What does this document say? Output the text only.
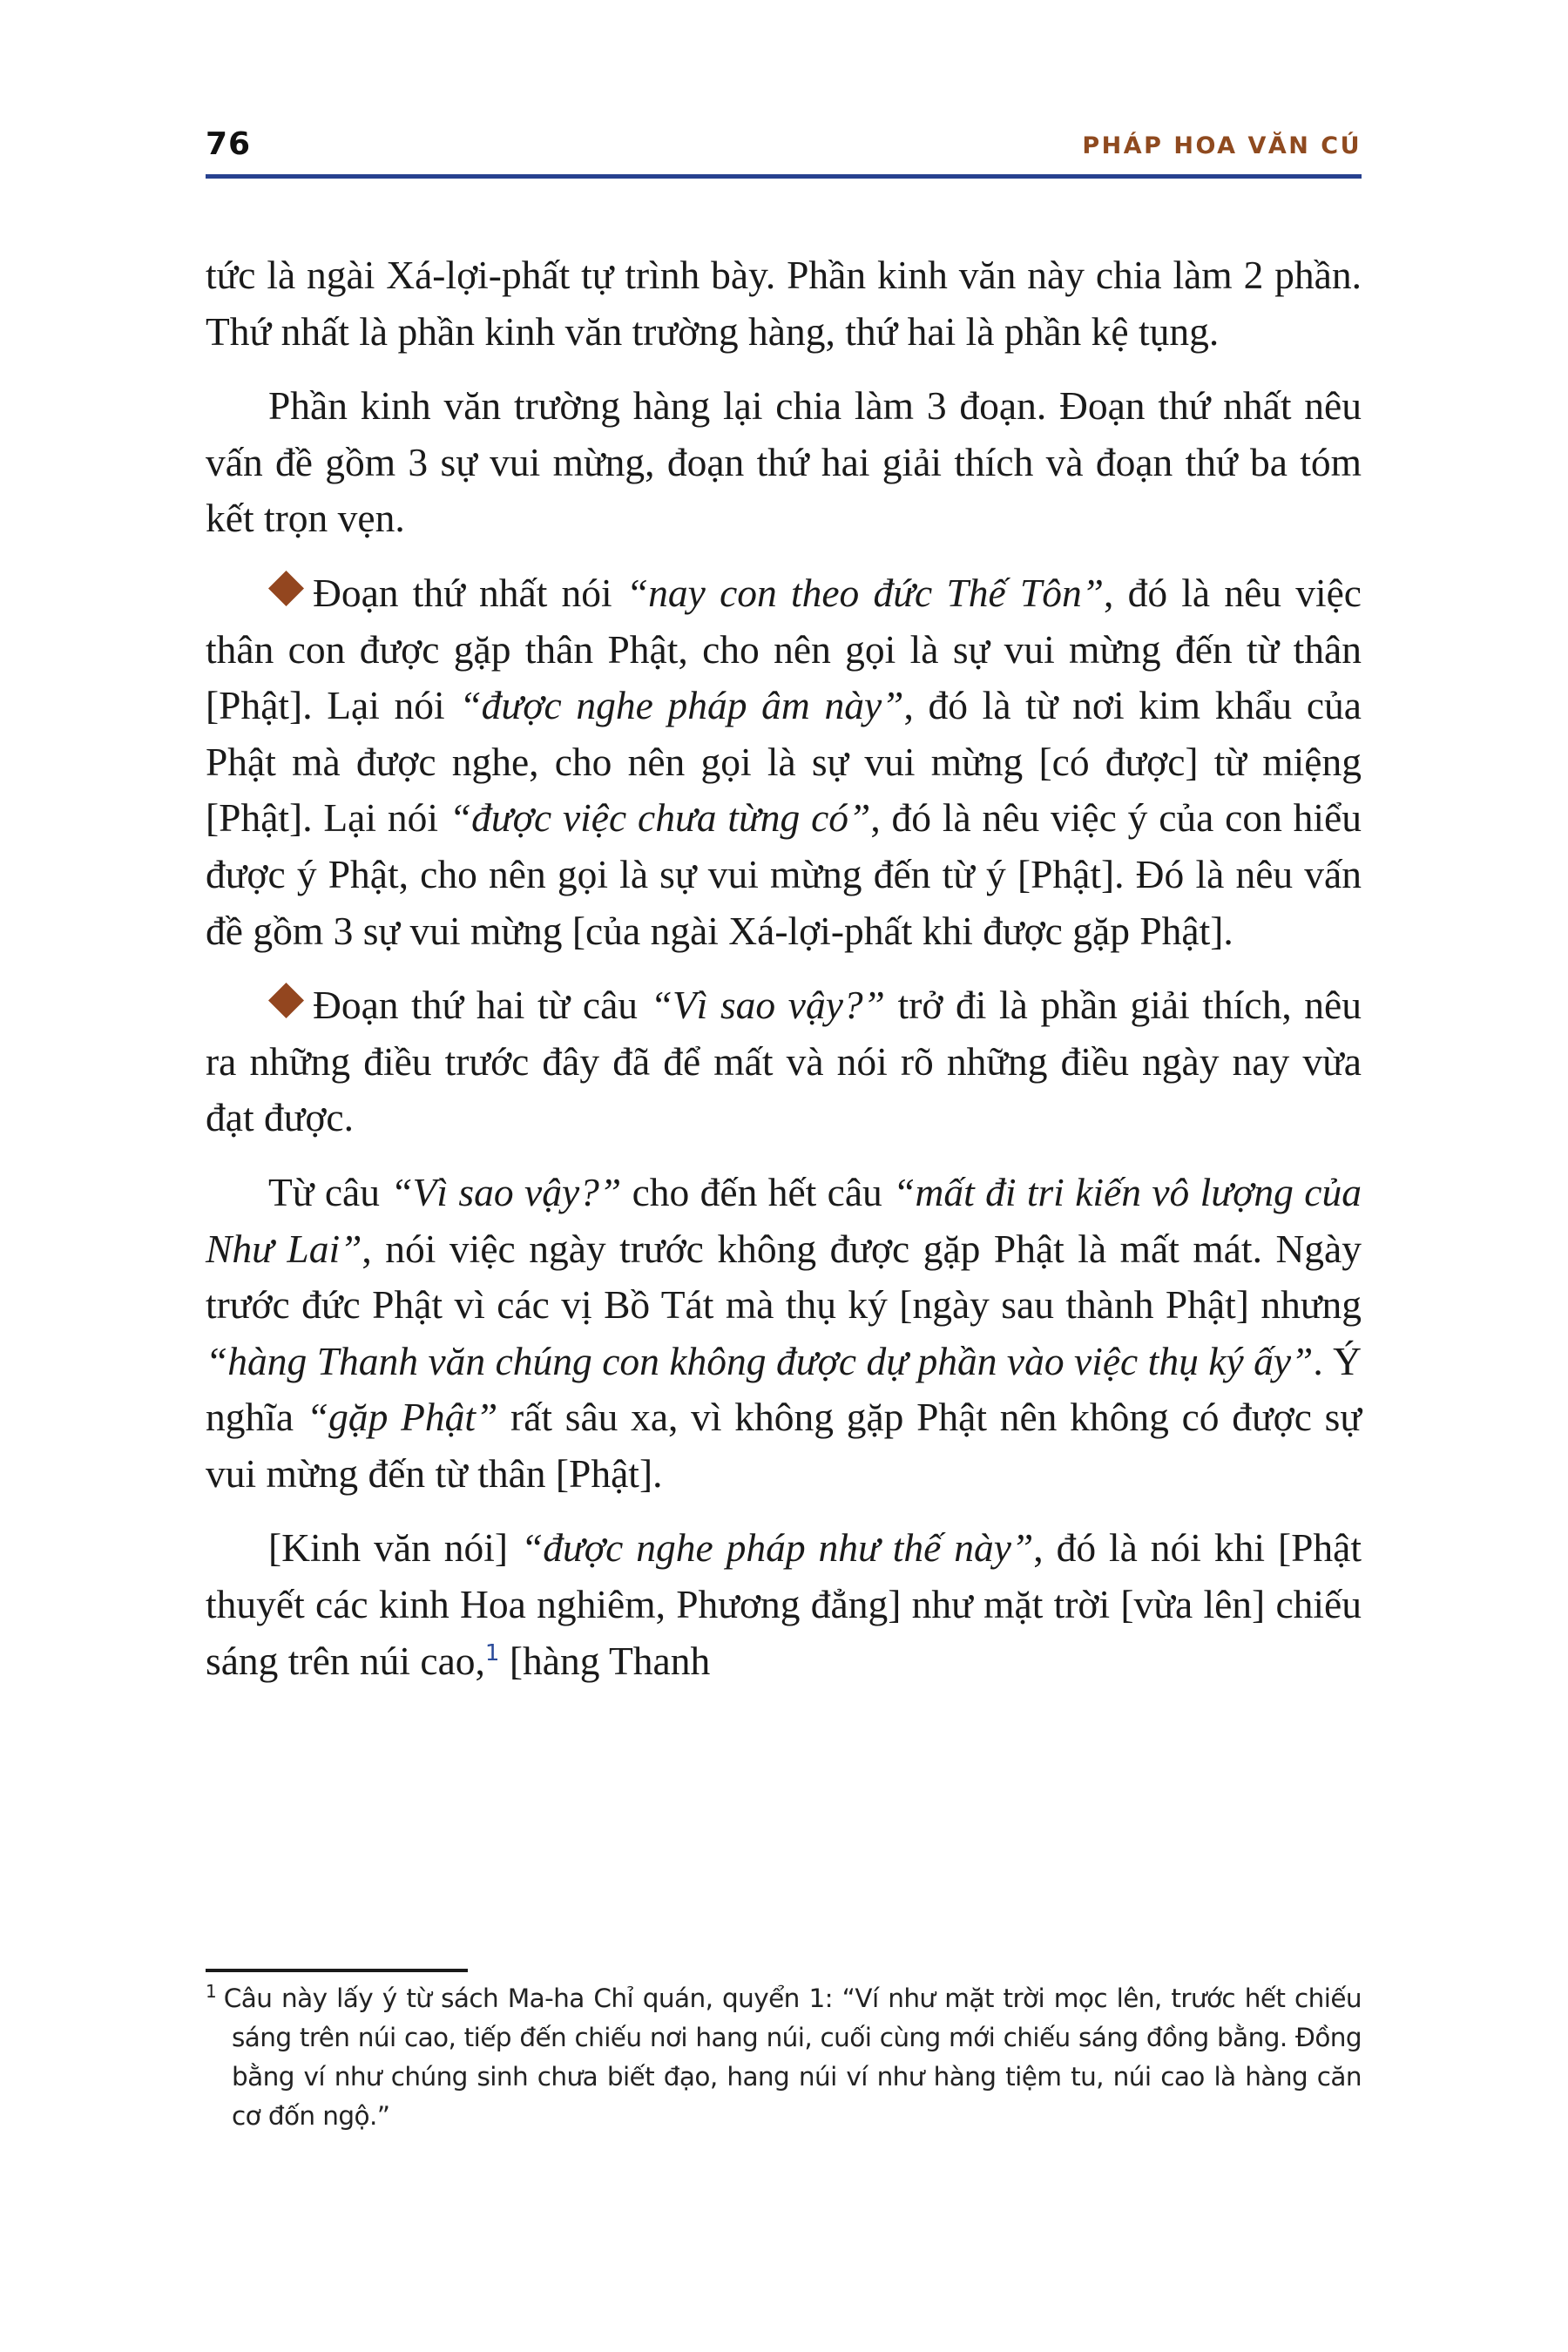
76	PHÁP HOA VĂN CÚ

tức là ngài Xá-lợi-phất tự trình bày. Phần kinh văn này chia làm 2 phần. Thứ nhất là phần kinh văn trường hàng, thứ hai là phần kệ tụng.

Phần kinh văn trường hàng lại chia làm 3 đoạn. Đoạn thứ nhất nêu vấn đề gồm 3 sự vui mừng, đoạn thứ hai giải thích và đoạn thứ ba tóm kết trọn vẹn.

Đoạn thứ nhất nói “nay con theo đức Thế Tôn”, đó là nêu việc thân con được gặp thân Phật, cho nên gọi là sự vui mừng đến từ thân [Phật]. Lại nói “được nghe pháp âm này”, đó là từ nơi kim khẩu của Phật mà được nghe, cho nên gọi là sự vui mừng [có được] từ miệng [Phật]. Lại nói “được việc chưa từng có”, đó là nêu việc ý của con hiểu được ý Phật, cho nên gọi là sự vui mừng đến từ ý [Phật]. Đó là nêu vấn đề gồm 3 sự vui mừng [của ngài Xá-lợi-phất khi được gặp Phật].

Đoạn thứ hai từ câu “Vì sao vậy?” trở đi là phần giải thích, nêu ra những điều trước đây đã để mất và nói rõ những điều ngày nay vừa đạt được.

Từ câu “Vì sao vậy?” cho đến hết câu “mất đi tri kiến vô lượng của Như Lai”, nói việc ngày trước không được gặp Phật là mất mát. Ngày trước đức Phật vì các vị Bồ Tát mà thụ ký [ngày sau thành Phật] nhưng “hàng Thanh văn chúng con không được dự phần vào việc thụ ký ấy”. Ý nghĩa “gặp Phật” rất sâu xa, vì không gặp Phật nên không có được sự vui mừng đến từ thân [Phật].

[Kinh văn nói] “được nghe pháp như thế này”, đó là nói khi [Phật thuyết các kinh Hoa nghiêm, Phương đẳng] như mặt trời [vừa lên] chiếu sáng trên núi cao,$^1$ [hàng Thanh

$^1$ Câu này lấy ý từ sách Ma-ha Chỉ quán, quyển 1: “Ví như mặt trời mọc lên, trước hết chiếu sáng trên núi cao, tiếp đến chiếu nơi hang núi, cuối cùng mới chiếu sáng đồng bằng. Đồng bằng ví như chúng sinh chưa biết đạo, hang núi ví như hàng tiệm tu, núi cao là hàng căn cơ đốn ngộ.”
